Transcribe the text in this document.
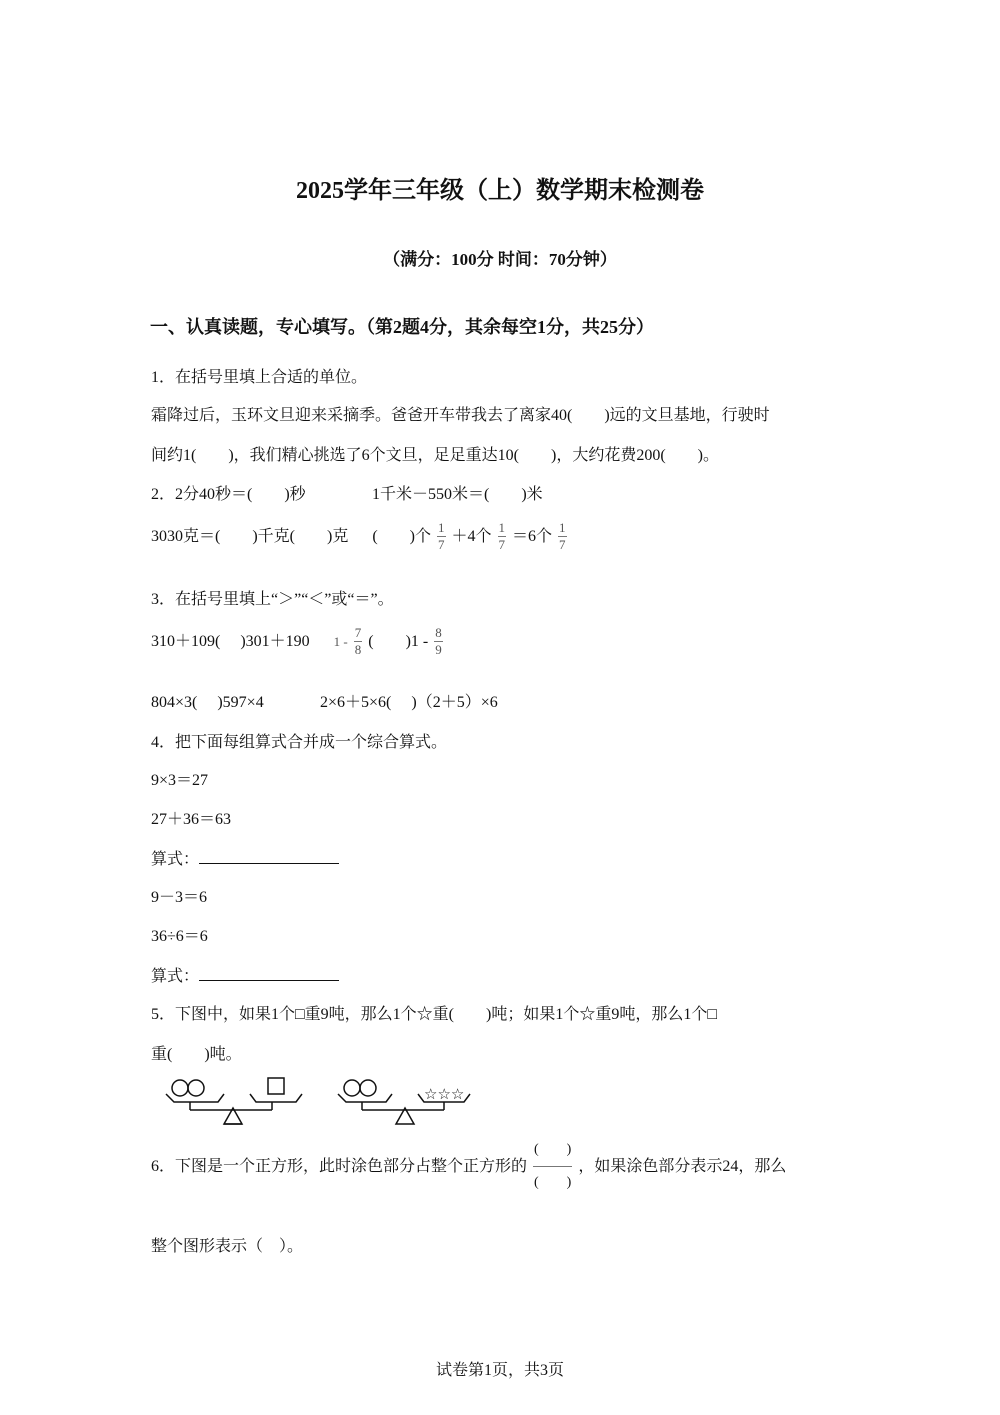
2025学年三年级（上）数学期末检测卷
（满分：100分 时间：70分钟）
一、认真读题，专心填写。（第2题4分，其余每空1分，共25分）
1．在括号里填上合适的单位。
霜降过后，玉环文旦迎来采摘季。爸爸开车带我去了离家40(　　)远的文旦基地，行驶时
间约1(　　)，我们精心挑选了6个文旦，足足重达10(　　)，大约花费200(　　)。
2．2分40秒＝(　　)秒	1千米－550米＝(　　)米
3030克＝(　　)千克(　　)克 (　　)个 $\frac{1}{7} +4$个 $\frac{1}{7} =6$个 $\frac{1}{7}$
3．在括号里填上“＞”“＜”或“＝”。
310＋109(　 )301＋190 $1 - \frac{7}{8}$ (　　)$1 - \frac{8}{9}$
804×3(　 )597×4	2×6＋5×6(　 )（2＋5）×6
4．把下面每组算式合并成一个综合算式。
9×3＝27
27＋36＝63
算式：
9－3＝6
36÷6＝6
算式：
5．下图中，如果1个□重9吨，那么1个☆重(　　)吨；如果1个☆重9吨，那么1个□
重(　　)吨。
☆☆☆
6．下图是一个正方形，此时涂色部分占整个正方形的 $\frac{( )}{( )}$ ，如果涂色部分表示24，那么
整个图形表示（　）。
试卷第1页，共3页
